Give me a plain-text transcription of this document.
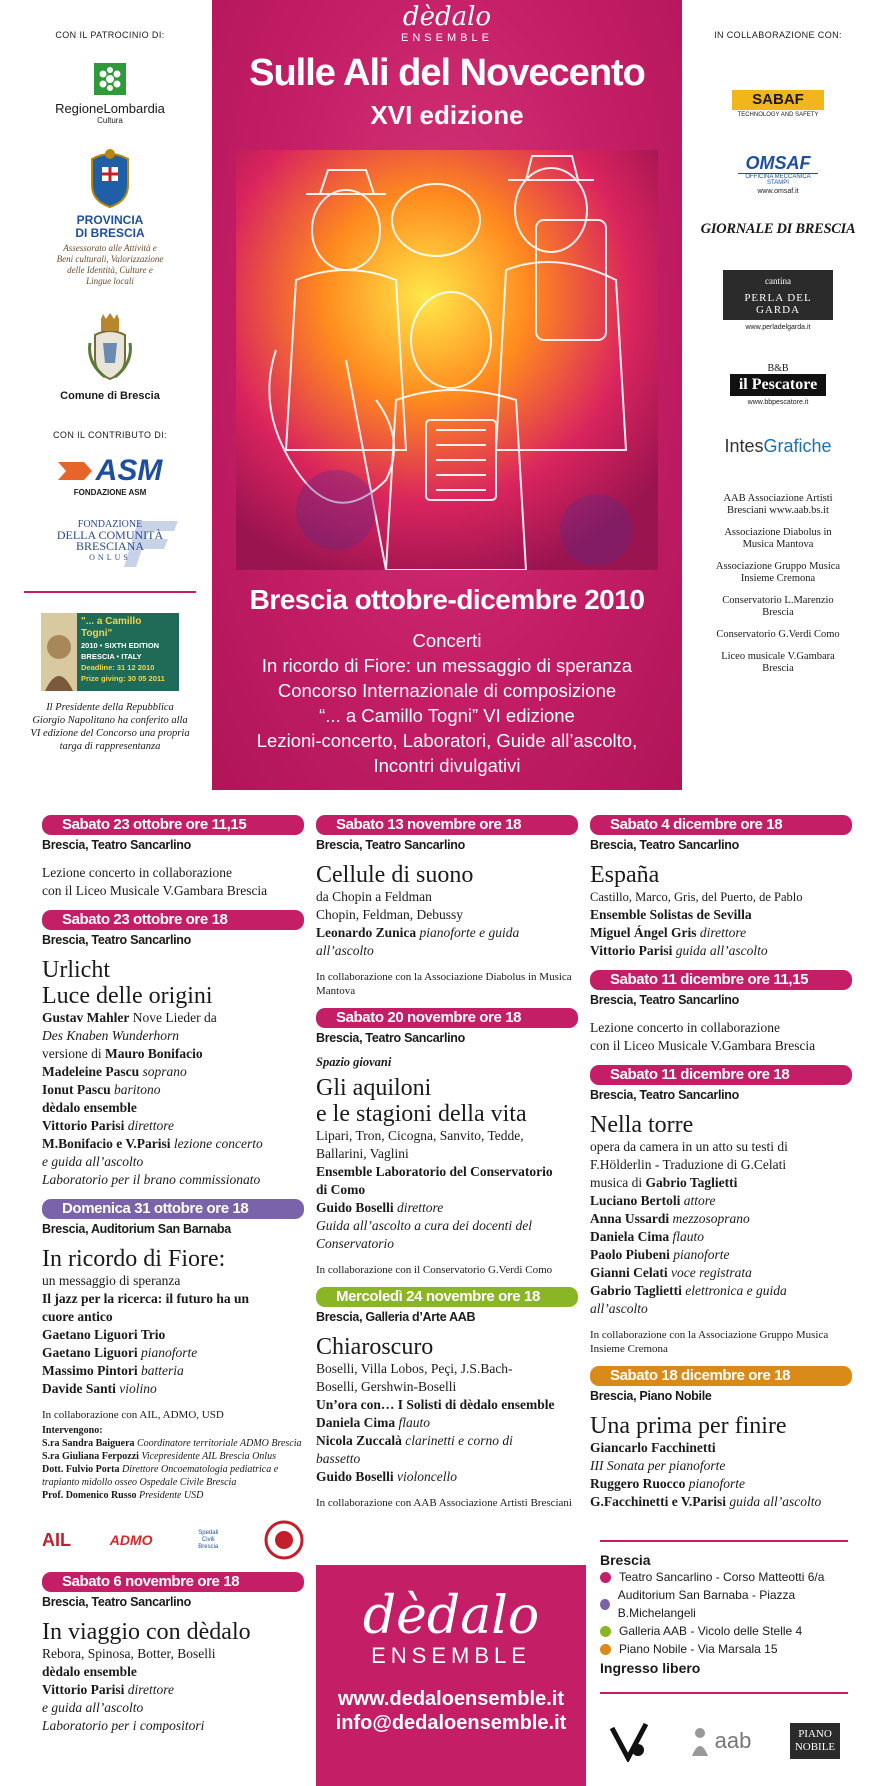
CON IL PATROCINIO DI:
RegioneLombardia
Cultura
PROVINCIA
DI BRESCIA
Assessorato alle Attività e Beni culturali, Valorizzazione delle Identità, Culture e Lingue locali
Comune di Brescia
CON IL CONTRIBUTO DI:
ASM
FONDAZIONE ASM
FONDAZIONE
DELLA COMUNITÀ
BRESCIANA
ONLUS
"... a Camillo Togni"
2010 • SIXTH EDITION
BRESCIA • ITALY
Deadline: 31 12 2010
Prize giving: 30 05 2011
Il Presidente della Repubblica Giorgio Napolitano ha conferito alla VI edizione del Concorso una propria targa di rappresentanza
dèdalo
ENSEMBLE
Sulle Ali del Novecento
XVI edizione
Brescia ottobre-dicembre 2010
Concerti
In ricordo di Fiore: un messaggio di speranza
Concorso Internazionale di composizione
“... a Camillo Togni” VI edizione
Lezioni-concerto, Laboratori, Guide all’ascolto,
Incontri divulgativi
IN COLLABORAZIONE CON:
SABAF
TECHNOLOGY AND SAFETY
OMSAF
OFFICINA MECCANICA STAMPI
www.omsaf.it
GIORNALE DI BRESCIA
cantina
PERLA DEL GARDA
www.perladelgarda.it
B&B
il Pescatore
www.bbpescatore.it
IntesGrafiche
AAB Associazione Artisti Bresciani www.aab.bs.it
Associazione Diabolus in Musica Mantova
Associazione Gruppo Musica Insieme Cremona
Conservatorio L.Marenzio Brescia
Conservatorio G.Verdi Como
Liceo musicale V.Gambara Brescia
Sabato 23 ottobre ore 11,15
Brescia, Teatro Sancarlino
Lezione concerto in collaborazione
con il Liceo Musicale V.Gambara Brescia
Sabato 23 ottobre ore 18
Brescia, Teatro Sancarlino
Urlicht
Luce delle origini
Gustav Mahler Nove Lieder da
Des Knaben Wunderhorn
versione di Mauro Bonifacio
Madeleine Pascu soprano
Ionut Pascu baritono
dèdalo ensemble
Vittorio Parisi direttore
M.Bonifacio e V.Parisi lezione concerto
e guida all’ascolto
Laboratorio per il brano commissionato
Domenica 31 ottobre ore 18
Brescia, Auditorium San Barnaba
In ricordo di Fiore:
un messaggio di speranza
Il jazz per la ricerca: il futuro ha un
cuore antico
Gaetano Liguori Trio
Gaetano Liguori pianoforte
Massimo Pintori batteria
Davide Santi violino
In collaborazione con AIL, ADMO, USD
Intervengono:
S.ra Sandra Baiguera Coordinatore territoriale ADMO Brescia
S.ra Giuliana Ferpozzi Vicepresidente AIL Brescia Onlus
Dott. Fulvio Porta Direttore Oncoematologia pediatrica e trapianto midollo osseo Ospedale Civile Brescia
Prof. Domenico Russo Presidente USD
AIL	ADMO	Spedali Civili Brescia
Sabato 6 novembre ore 18
Brescia, Teatro Sancarlino
In viaggio con dèdalo
Rebora, Spinosa, Botter, Boselli
dèdalo ensemble
Vittorio Parisi direttore
e guida all’ascolto
Laboratorio per i compositori
Sabato 13 novembre ore 18
Brescia, Teatro Sancarlino
Cellule di suono
da Chopin a Feldman
Chopin, Feldman, Debussy
Leonardo Zunica pianoforte e guida
all’ascolto
In collaborazione con la Associazione Diabolus in Musica Mantova
Sabato 20 novembre ore 18
Brescia, Teatro Sancarlino
Spazio giovani
Gli aquiloni
e le stagioni della vita
Lipari, Tron, Cicogna, Sanvito, Tedde,
Ballarini, Vaglini
Ensemble Laboratorio del Conservatorio
di Como
Guido Boselli direttore
Guida all’ascolto a cura dei docenti del
Conservatorio
In collaborazione con il Conservatorio G.Verdi Como
Mercoledì 24 novembre ore 18
Brescia, Galleria d’Arte AAB
Chiaroscuro
Boselli, Villa Lobos, Peçi, J.S.Bach-
Boselli, Gershwin-Boselli
Un’ora con… I Solisti di dèdalo ensemble
Daniela Cima flauto
Nicola Zuccalà clarinetti e corno di
bassetto
Guido Boselli violoncello
In collaborazione con AAB Associazione Artisti Bresciani
dèdalo
ENSEMBLE
www.dedaloensemble.it
info@dedaloensemble.it
Sabato 4 dicembre ore 18
Brescia, Teatro Sancarlino
España
Castillo, Marco, Gris, del Puerto, de Pablo
Ensemble Solistas de Sevilla
Miguel Ángel Gris direttore
Vittorio Parisi guida all’ascolto
Sabato 11 dicembre ore 11,15
Brescia, Teatro Sancarlino
Lezione concerto in collaborazione
con il Liceo Musicale V.Gambara Brescia
Sabato 11 dicembre ore 18
Brescia, Teatro Sancarlino
Nella torre
opera da camera in un atto su testi di
F.Hölderlin - Traduzione di G.Celati
musica di Gabrio Taglietti
Luciano Bertoli attore
Anna Ussardi mezzosoprano
Daniela Cima flauto
Paolo Piubeni pianoforte
Gianni Celati voce registrata
Gabrio Taglietti elettronica e guida
all’ascolto
In collaborazione con la Associazione Gruppo Musica Insieme Cremona
Sabato 18 dicembre ore 18
Brescia, Piano Nobile
Una prima per finire
Giancarlo Facchinetti
III Sonata per pianoforte
Ruggero Ruocco pianoforte
G.Facchinetti e V.Parisi guida all’ascolto
Brescia
Teatro Sancarlino - Corso Matteotti 6/a
Auditorium San Barnaba - Piazza B.Michelangeli
Galleria AAB - Vicolo delle Stelle 4
Piano Nobile - Via Marsala 15
Ingresso libero
aab	PIANO
NOBILE
